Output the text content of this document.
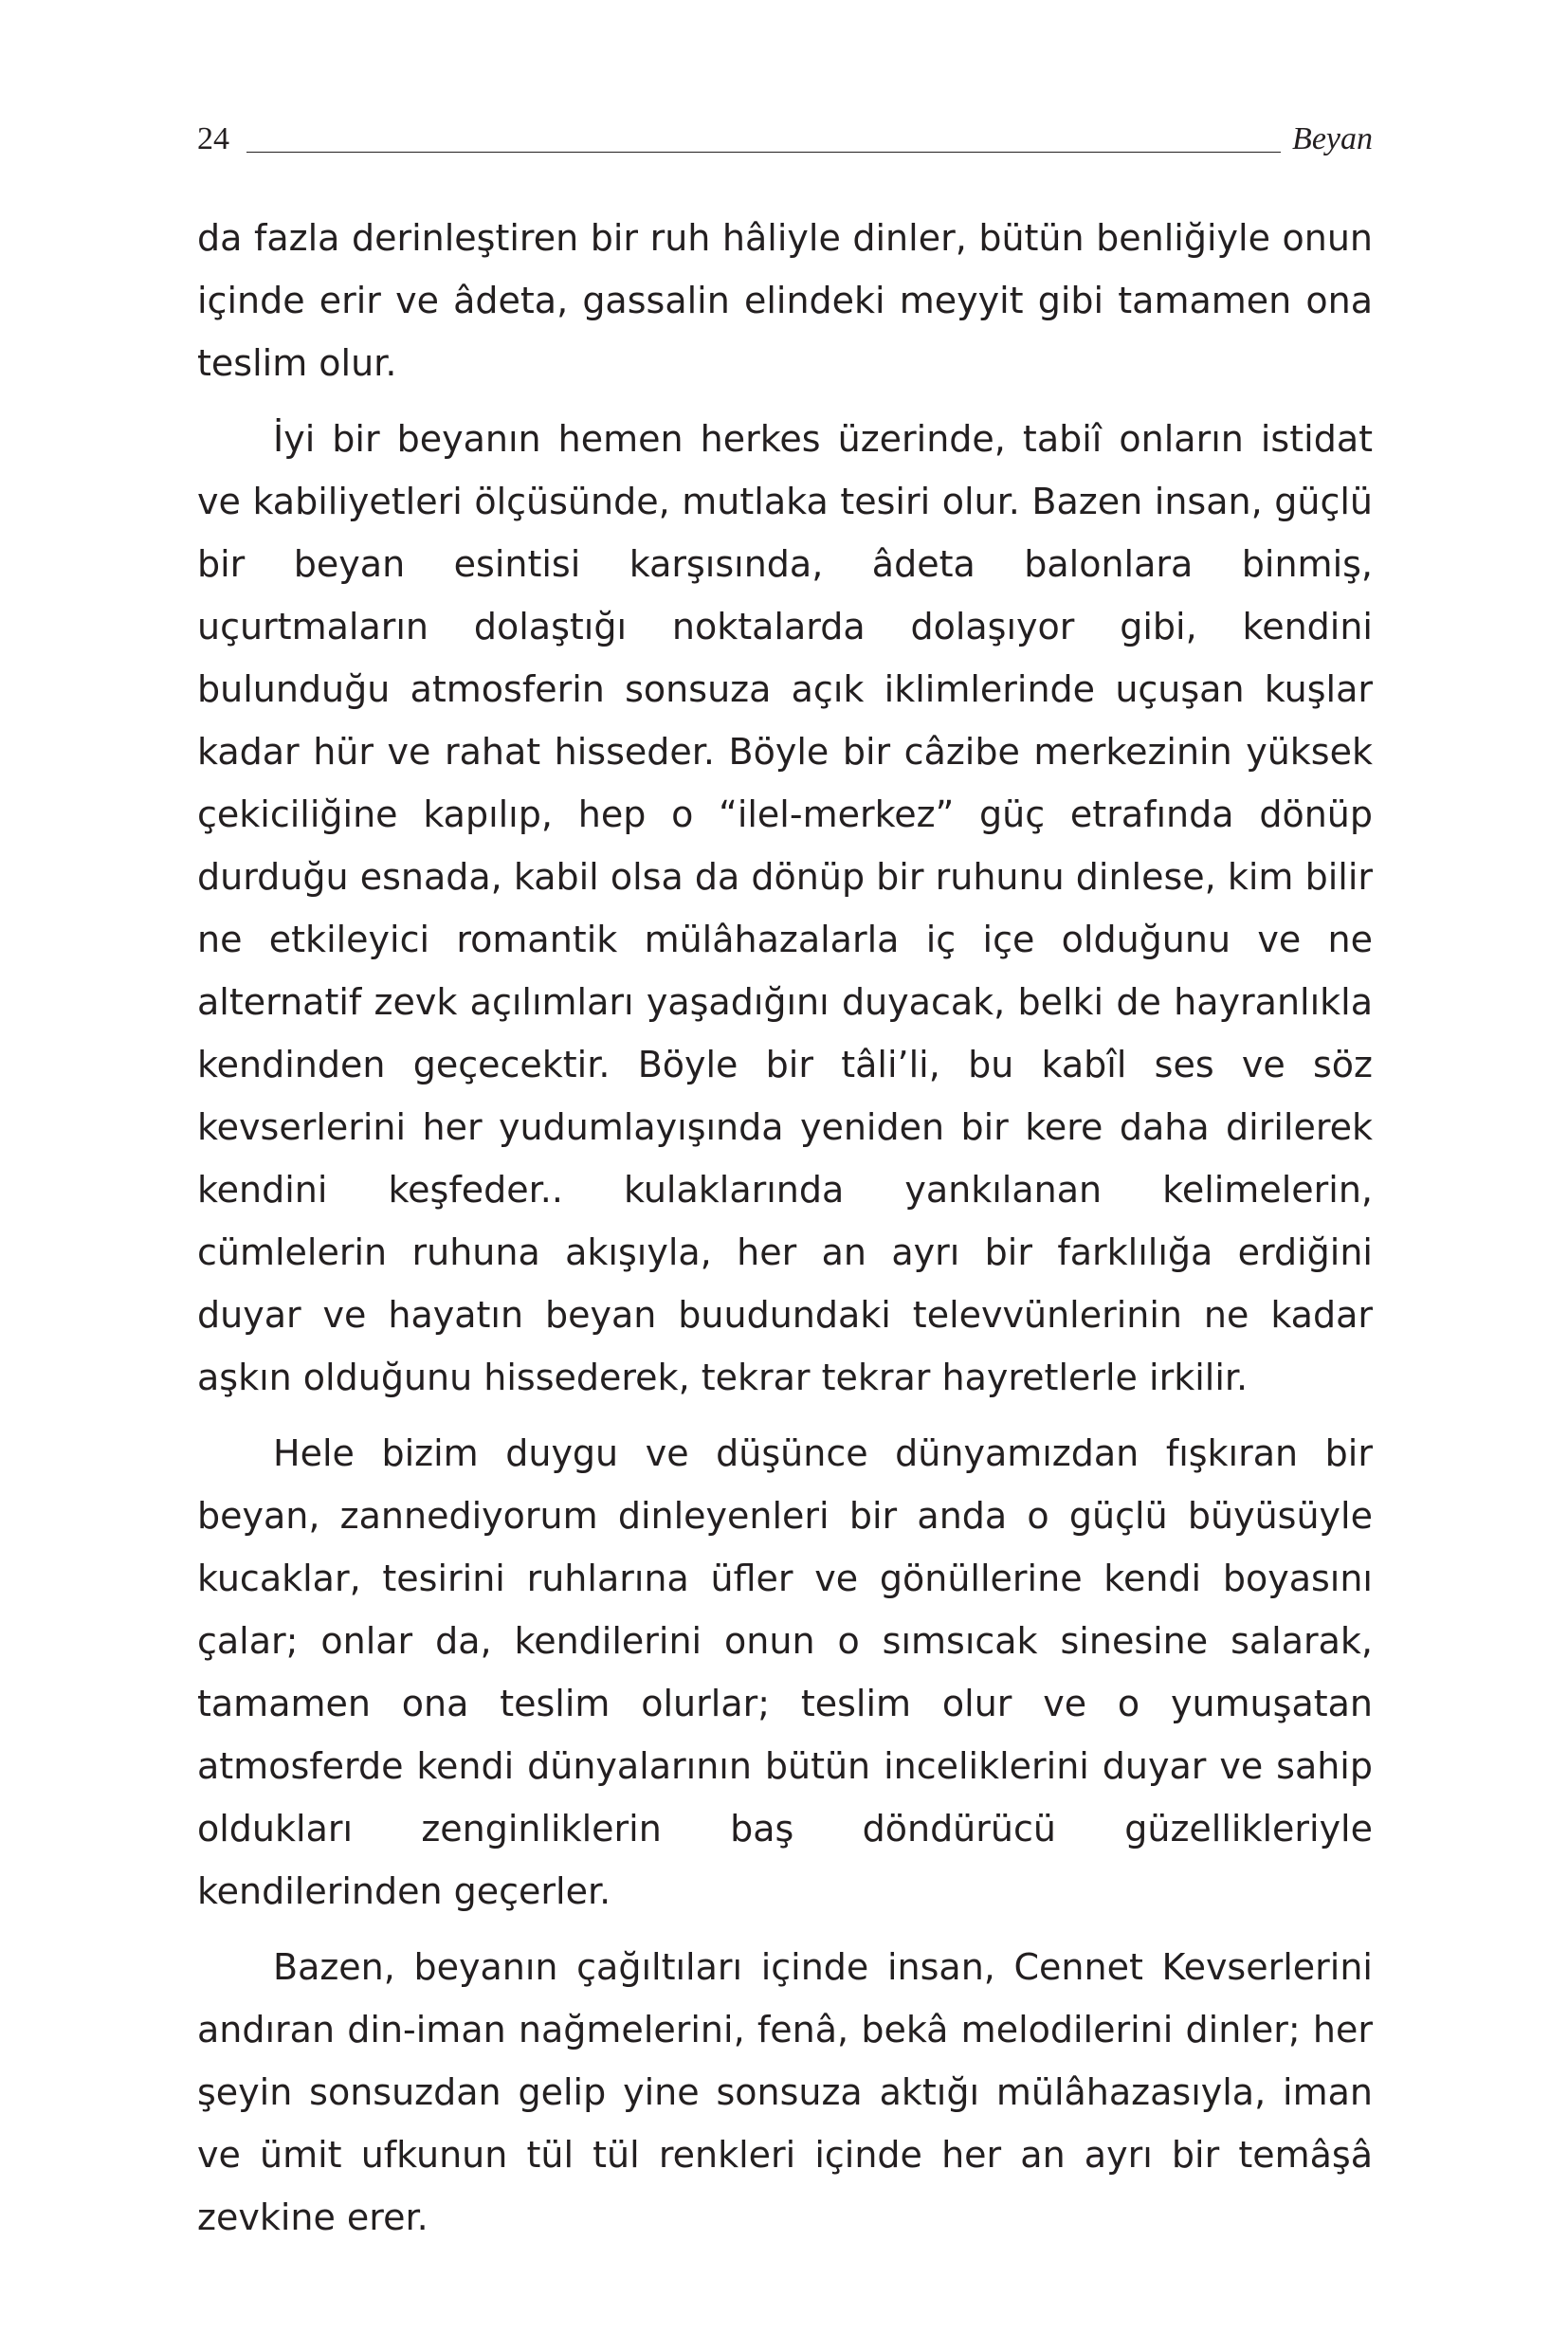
24	Beyan

da fazla derinleştiren bir ruh hâliyle dinler, bütün benliğiyle onun içinde erir ve âdeta, gassalin elindeki meyyit gibi tamamen ona teslim olur.

İyi bir beyanın hemen herkes üzerinde, tabiî onların istidat ve kabiliyetleri ölçüsünde, mutlaka tesiri olur. Bazen insan, güçlü bir beyan esintisi karşısında, âdeta balonlara binmiş, uçurtmaların dolaştığı noktalarda dolaşıyor gibi, kendini bulunduğu atmosferin sonsuza açık iklimlerinde uçuşan kuşlar kadar hür ve rahat hisseder. Böyle bir câzibe merkezinin yüksek çekiciliğine kapılıp, hep o “ilel-merkez” güç etrafında dönüp durduğu esnada, kabil olsa da dönüp bir ruhunu dinlese, kim bilir ne etkileyici romantik mülâhazalarla iç içe olduğunu ve ne alternatif zevk açılımları yaşadığını duyacak, belki de hayranlıkla kendinden geçecektir. Böyle bir tâli’li, bu kabîl ses ve söz kevserlerini her yudumlayışında yeniden bir kere daha dirilerek kendini keşfeder.. kulaklarında yankılanan kelimelerin, cümlelerin ruhuna akışıyla, her an ayrı bir farklılığa erdiğini duyar ve hayatın beyan buudundaki televvünlerinin ne kadar aşkın olduğunu hissederek, tekrar tekrar hayretlerle irkilir.

Hele bizim duygu ve düşünce dünyamızdan fışkıran bir beyan, zannediyorum dinleyenleri bir anda o güçlü büyüsüyle kucaklar, tesirini ruhlarına üfler ve gönüllerine kendi boyasını çalar; onlar da, kendilerini onun o sımsıcak sinesine salarak, tamamen ona teslim olurlar; teslim olur ve o yumuşatan atmosferde kendi dünyalarının bütün inceliklerini duyar ve sahip oldukları zenginliklerin baş döndürücü güzellikleriyle kendilerinden geçerler.

Bazen, beyanın çağıltıları içinde insan, Cennet Kevserlerini andıran din-iman nağmelerini, fenâ, bekâ melodilerini dinler; her şeyin sonsuzdan gelip yine sonsuza aktığı mülâhazasıyla, iman ve ümit ufkunun tül tül renkleri içinde her an ayrı bir temâşâ zevkine erer.
